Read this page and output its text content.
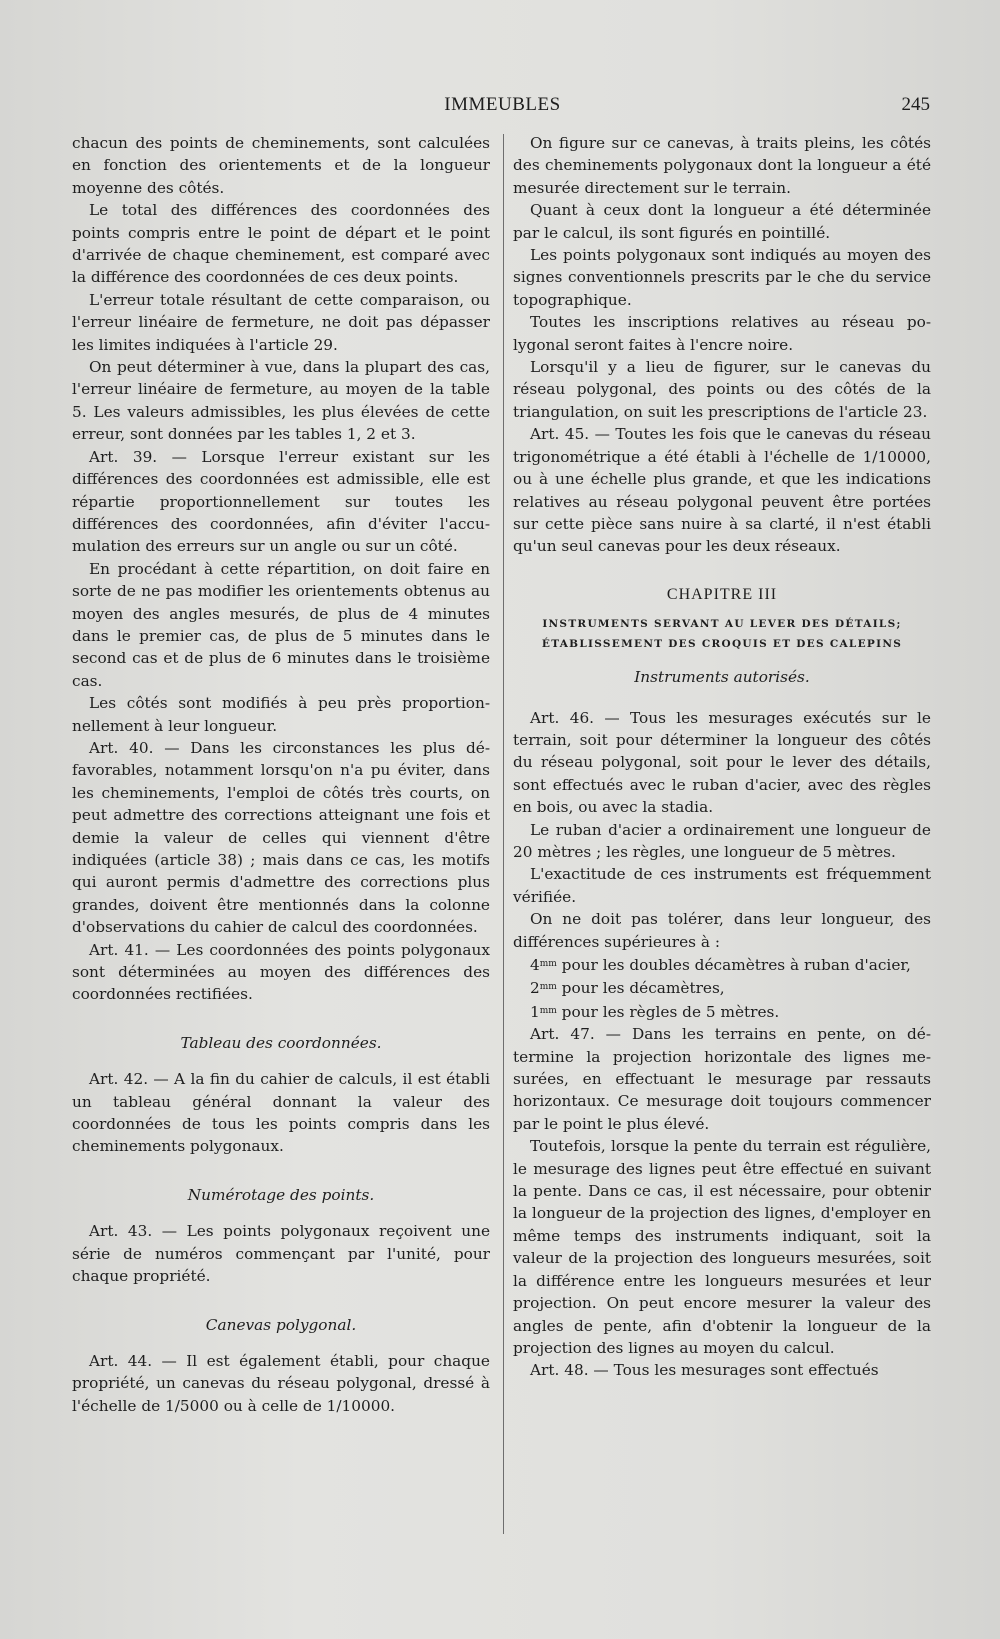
IMMEUBLES	245

chacun des points de cheminements, sont calculées en fonction des orientements et de la longueur moyenne des côtés.

Le total des différences des coordonnées des points compris entre le point de départ et le point d'arrivée de chaque cheminement, est comparé avec la différence des coordonnées de ces deux points.

L'erreur totale résultant de cette comparaison, ou l'erreur linéaire de fermeture, ne doit pas dépasser les limites indiquées à l'article 29.

On peut déterminer à vue, dans la plupart des cas, l'erreur linéaire de fermeture, au moyen de la table 5. Les valeurs admissibles, les plus élevées de cette erreur, sont données par les tables 1, 2 et 3.

Art. 39. — Lorsque l'erreur existant sur les différences des coordonnées est admissible, elle est répartie proportionnellement sur toutes les différences des coordonnées, afin d'éviter l'accumulation des erreurs sur un angle ou sur un côté.

En procédant à cette répartition, on doit faire en sorte de ne pas modifier les orientements obtenus au moyen des angles mesurés, de plus de 4 minutes dans le premier cas, de plus de 5 minutes dans le second cas et de plus de 6 minutes dans le troisième cas.

Les côtés sont modifiés à peu près proportionnellement à leur longueur.

Art. 40. — Dans les circonstances les plus défavorables, notamment lorsqu'on n'a pu éviter, dans les cheminements, l'emploi de côtés très courts, on peut admettre des corrections atteignant une fois et demie la valeur de celles qui viennent d'être indiquées (article 38) ; mais dans ce cas, les motifs qui auront permis d'admettre des corrections plus grandes, doivent être mentionnés dans la colonne d'observations du cahier de calcul des coordonnées.

Art. 41. — Les coordonnées des points polygonaux sont déterminées au moyen des différences des coordonnées rectifiées.

Tableau des coordonnées.

Art. 42. — A la fin du cahier de calculs, il est établi un tableau général donnant la valeur des coordonnées de tous les points compris dans les cheminements polygonaux.

Numérotage des points.

Art. 43. — Les points polygonaux reçoivent une série de numéros commençant par l'unité, pour chaque propriété.

Canevas polygonal.

Art. 44. — Il est également établi, pour chaque propriété, un canevas du réseau polygonal, dressé à l'échelle de 1/5000 ou à celle de 1/10000.

On figure sur ce canevas, à traits pleins, les côtés des cheminements polygonaux dont la longueur a été mesurée directement sur le terrain.

Quant à ceux dont la longueur a été déterminée par le calcul, ils sont figurés en pointillé.

Les points polygonaux sont indiqués au moyen des signes conventionnels prescrits par le che du service topographique.

Toutes les inscriptions relatives au réseau polygonal seront faites à l'encre noire.

Lorsqu'il y a lieu de figurer, sur le canevas du réseau polygonal, des points ou des côtés de la triangulation, on suit les prescriptions de l'article 23.

Art. 45. — Toutes les fois que le canevas du réseau trigonométrique a été établi à l'échelle de 1/10000, ou à une échelle plus grande, et que les indications relatives au réseau polygonal peuvent être portées sur cette pièce sans nuire à sa clarté, il n'est établi qu'un seul canevas pour les deux réseaux.

CHAPITRE III
INSTRUMENTS SERVANT AU LEVER DES DÉTAILS;
ÉTABLISSEMENT DES CROQUIS ET DES CALEPINS
Instruments autorisés.

Art. 46. — Tous les mesurages exécutés sur le terrain, soit pour déterminer la longueur des côtés du réseau polygonal, soit pour le lever des détails, sont effectués avec le ruban d'acier, avec des règles en bois, ou avec la stadia.

Le ruban d'acier a ordinairement une longueur de 20 mètres ; les règles, une longueur de 5 mètres.

L'exactitude de ces instruments est fréquemment vérifiée.

On ne doit pas tolérer, dans leur longueur, des différences supérieures à :

$4^{mm}$ pour les doubles décamètres à ruban d'acier,

$2^{mm}$ pour les décamètres,

$1^{mm}$ pour les règles de 5 mètres.

Art. 47. — Dans les terrains en pente, on détermine la projection horizontale des lignes mesurées, en effectuant le mesurage par ressauts horizontaux. Ce mesurage doit toujours commencer par le point le plus élevé.

Toutefois, lorsque la pente du terrain est régulière, le mesurage des lignes peut être effectué en suivant la pente. Dans ce cas, il est nécessaire, pour obtenir la longueur de la projection des lignes, d'employer en même temps des instruments indiquant, soit la valeur de la projection des longueurs mesurées, soit la différence entre les longueurs mesurées et leur projection. On peut encore mesurer la valeur des angles de pente, afin d'obtenir la longueur de la projection des lignes au moyen du calcul.

Art. 48. — Tous les mesurages sont effectués
